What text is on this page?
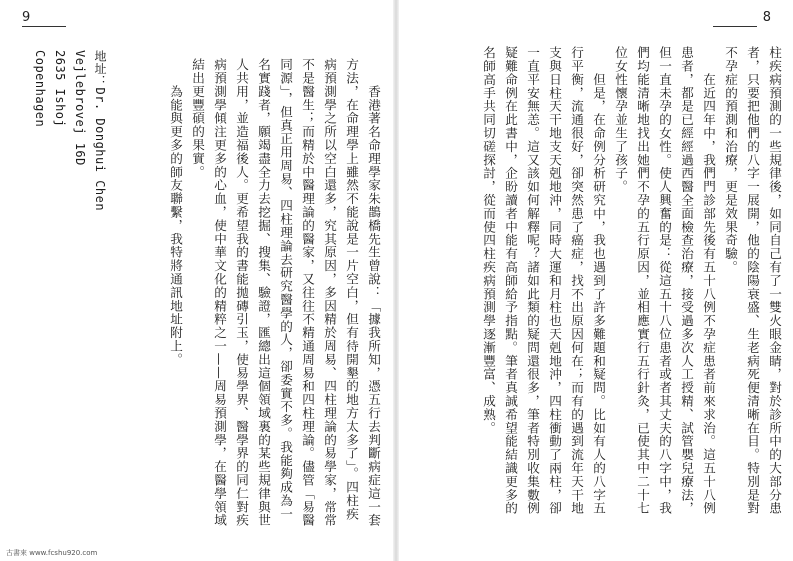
9

　　香港著名命理學家朱鵲橋先生曾說：「據我所知，憑五行去判斷病症這一套方法，在命理學上雖然不能說是一片空白，但有待開墾的地方太多了」。四柱疾病預測學之所以空白還多，究其原因，多因精於周易、四柱理論的易學家，常常不是醫生；而精於中醫理論的醫家，又往往不精通周易和四柱理論。儘管「易醫同源」，但真正用周易、四柱理論去研究醫學的人，卻委實不多。我能夠成為一名實踐者，願竭盡全力去挖掘、搜集、驗證，匯總出這個領域裏的某些規律與世人共用，並造福後人。更希望我的書能拋磚引玉，使易學界、醫學界的同仁對疾病預測學傾注更多的心血，使中華文化的精粹之一——周易預測學，在醫學領域結出更豐碩的果實。

　　為能與更多的師友聯繫，我特將通訊地址附上。

地址：Dr. Donghui Chen
Vejlebrovej 16D
2635 Ishoj
Copenhagen
古書來 www.fcshu920.com
8

柱疾病預測的一些規律後，如同自己有了一雙火眼金睛，對於診所中的大部分患者，只要把他們的八字一展開，他的陰陽衰盛、生老病死便清晰在目。特別是對不孕症的預測和治療，更是效果奇驗。

　　在近四年中，我們門診部先後有五十八例不孕症患者前來求治。這五十八例患者，都是已經經過西醫全面檢查治療，接受過多次人工授精、試管嬰兒療法，但一直未孕的女性。使人興奮的是：從這五十八位患者或者其丈夫的八字中，我們均能清晰地找出她們不孕的五行原因，並相應實行五行針灸，已使其中二十七位女性懷孕並生了孩子。

　　但是，在命例分析研究中，我也遇到了許多難題和疑問。比如有人的八字五行平衡，流通很好，卻突然患了癌症，找不出原因何在；而有的遇到流年天干地支與日柱天干地支天剋地沖，同時大運和月柱也天剋地沖，四柱衝動了兩柱，卻一直平安無恙。這又該如何解釋呢？諸如此類的疑問還很多，筆者特別收集數例疑難命例在此書中，企盼讀者中能有高師給予指點。筆者真誠希望能結識更多的名師高手共同切磋探討，從而使四柱疾病預測學逐漸豐富、成熟。
